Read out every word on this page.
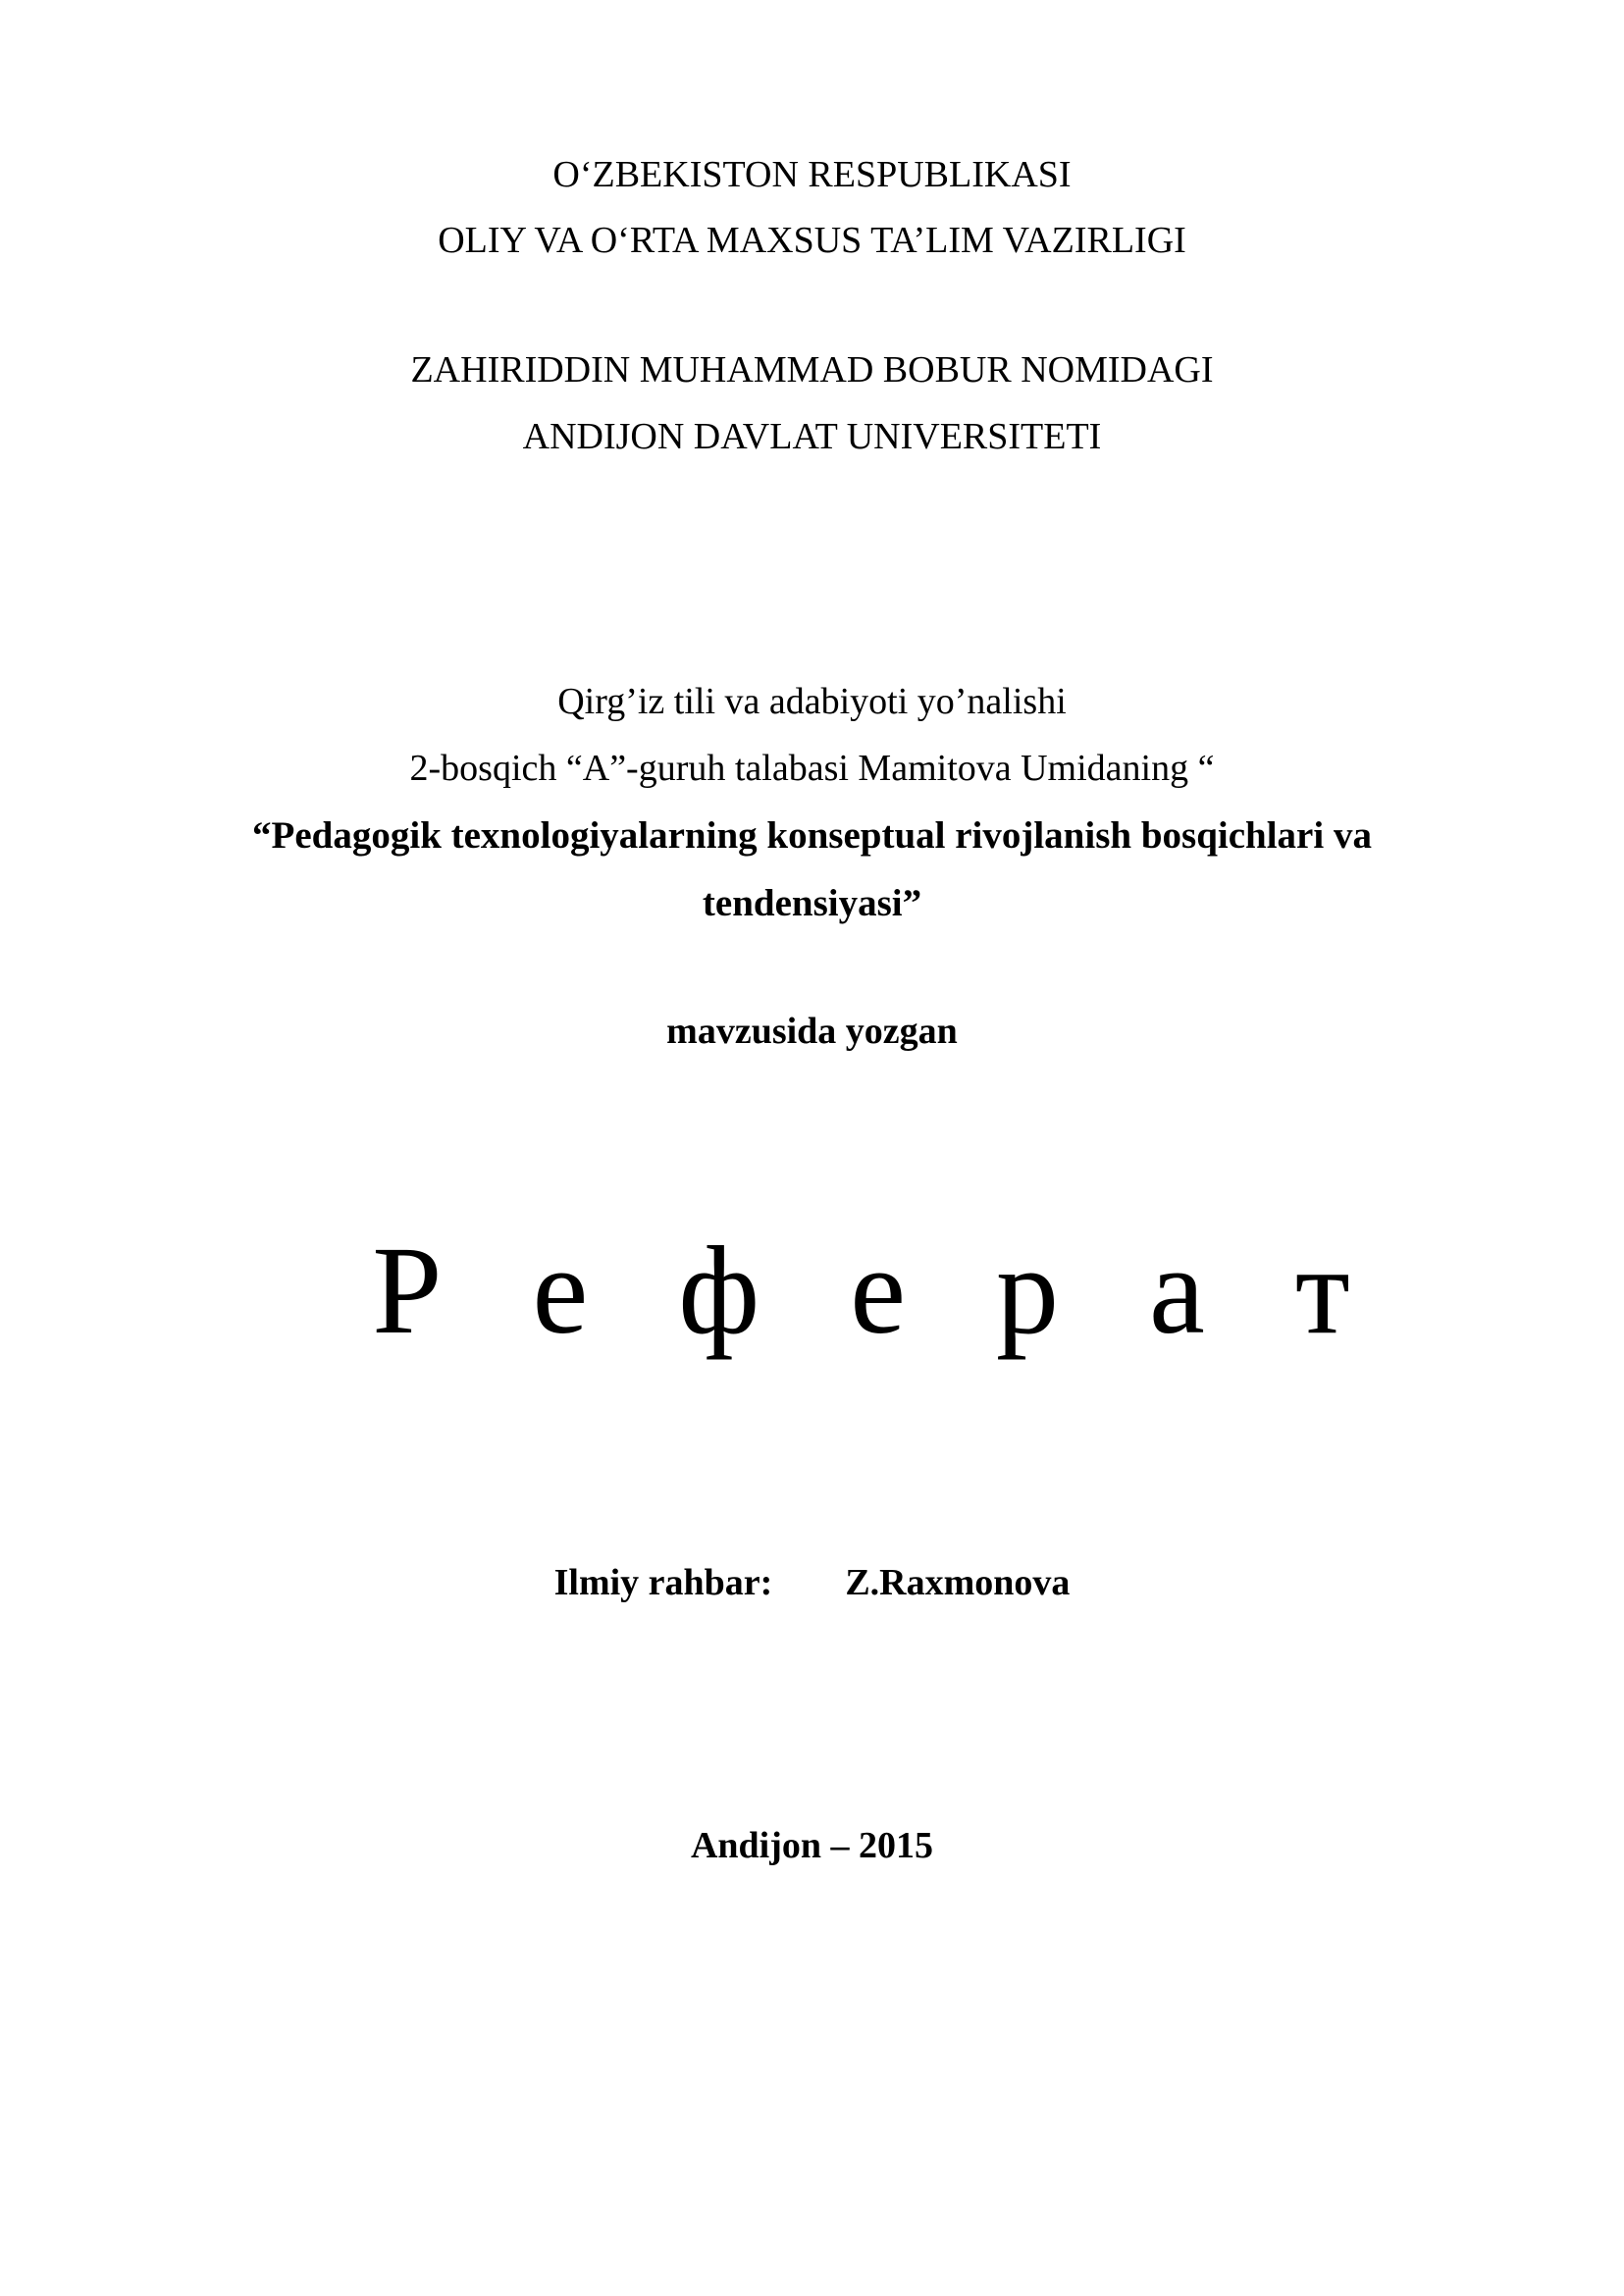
O‘ZBEKISTON RESPUBLIKASI
OLIY VA O‘RTA MAXSUS TA’LIM VAZIRLIGI
ZAHIRIDDIN MUHAMMAD BOBUR NOMIDAGI
ANDIJON DAVLAT UNIVERSITETI
Qirg’iz tili va adabiyoti yo’nalishi
2-bosqich “A”-guruh talabasi Mamitova Umidaning “
“Pedagogik texnologiyalarning konseptual rivojlanish bosqichlari va
tendensiyasi”
mavzusida yozgan
Р е ф е р а т
Ilmiy rahbar: Z.Raxmonova
Andijon – 2015
